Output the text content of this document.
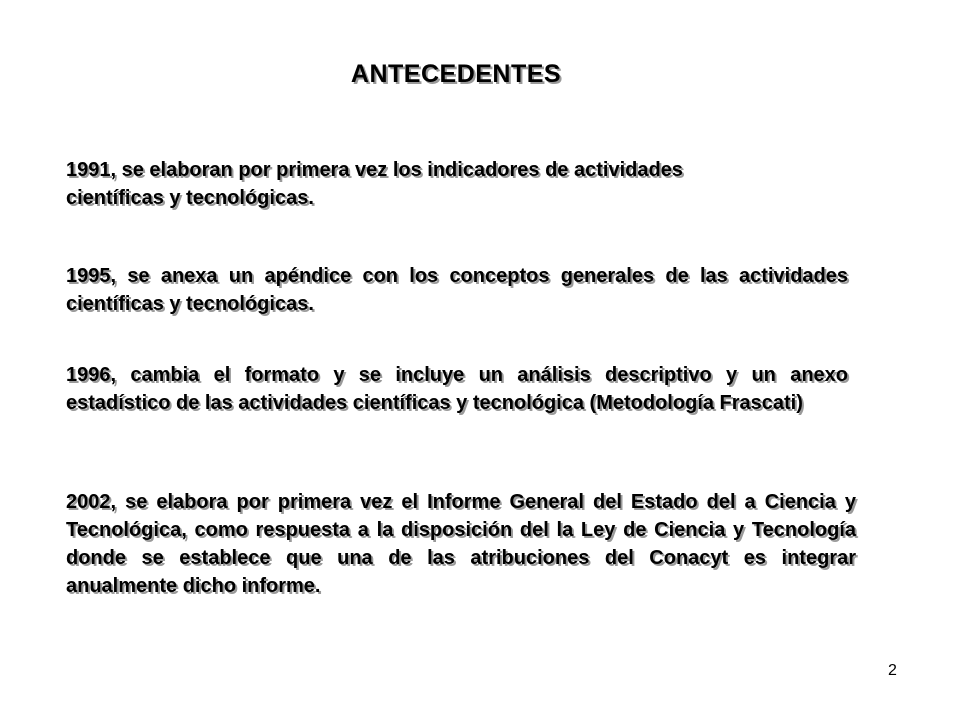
ANTECEDENTES

1991, se elaboran por primera vez los indicadores de actividades científicas y tecnológicas.

1995, se anexa un apéndice con los conceptos generales de las actividades científicas y tecnológicas.

1996, cambia el formato y se incluye un análisis descriptivo y un anexo estadístico de las actividades científicas y tecnológica (Metodología Frascati)

2002, se elabora por primera vez el Informe General del Estado del a Ciencia y Tecnológica, como respuesta a la disposición del la Ley de Ciencia y Tecnología donde se establece que una de las atribuciones del Conacyt es integrar anualmente dicho informe.

2
